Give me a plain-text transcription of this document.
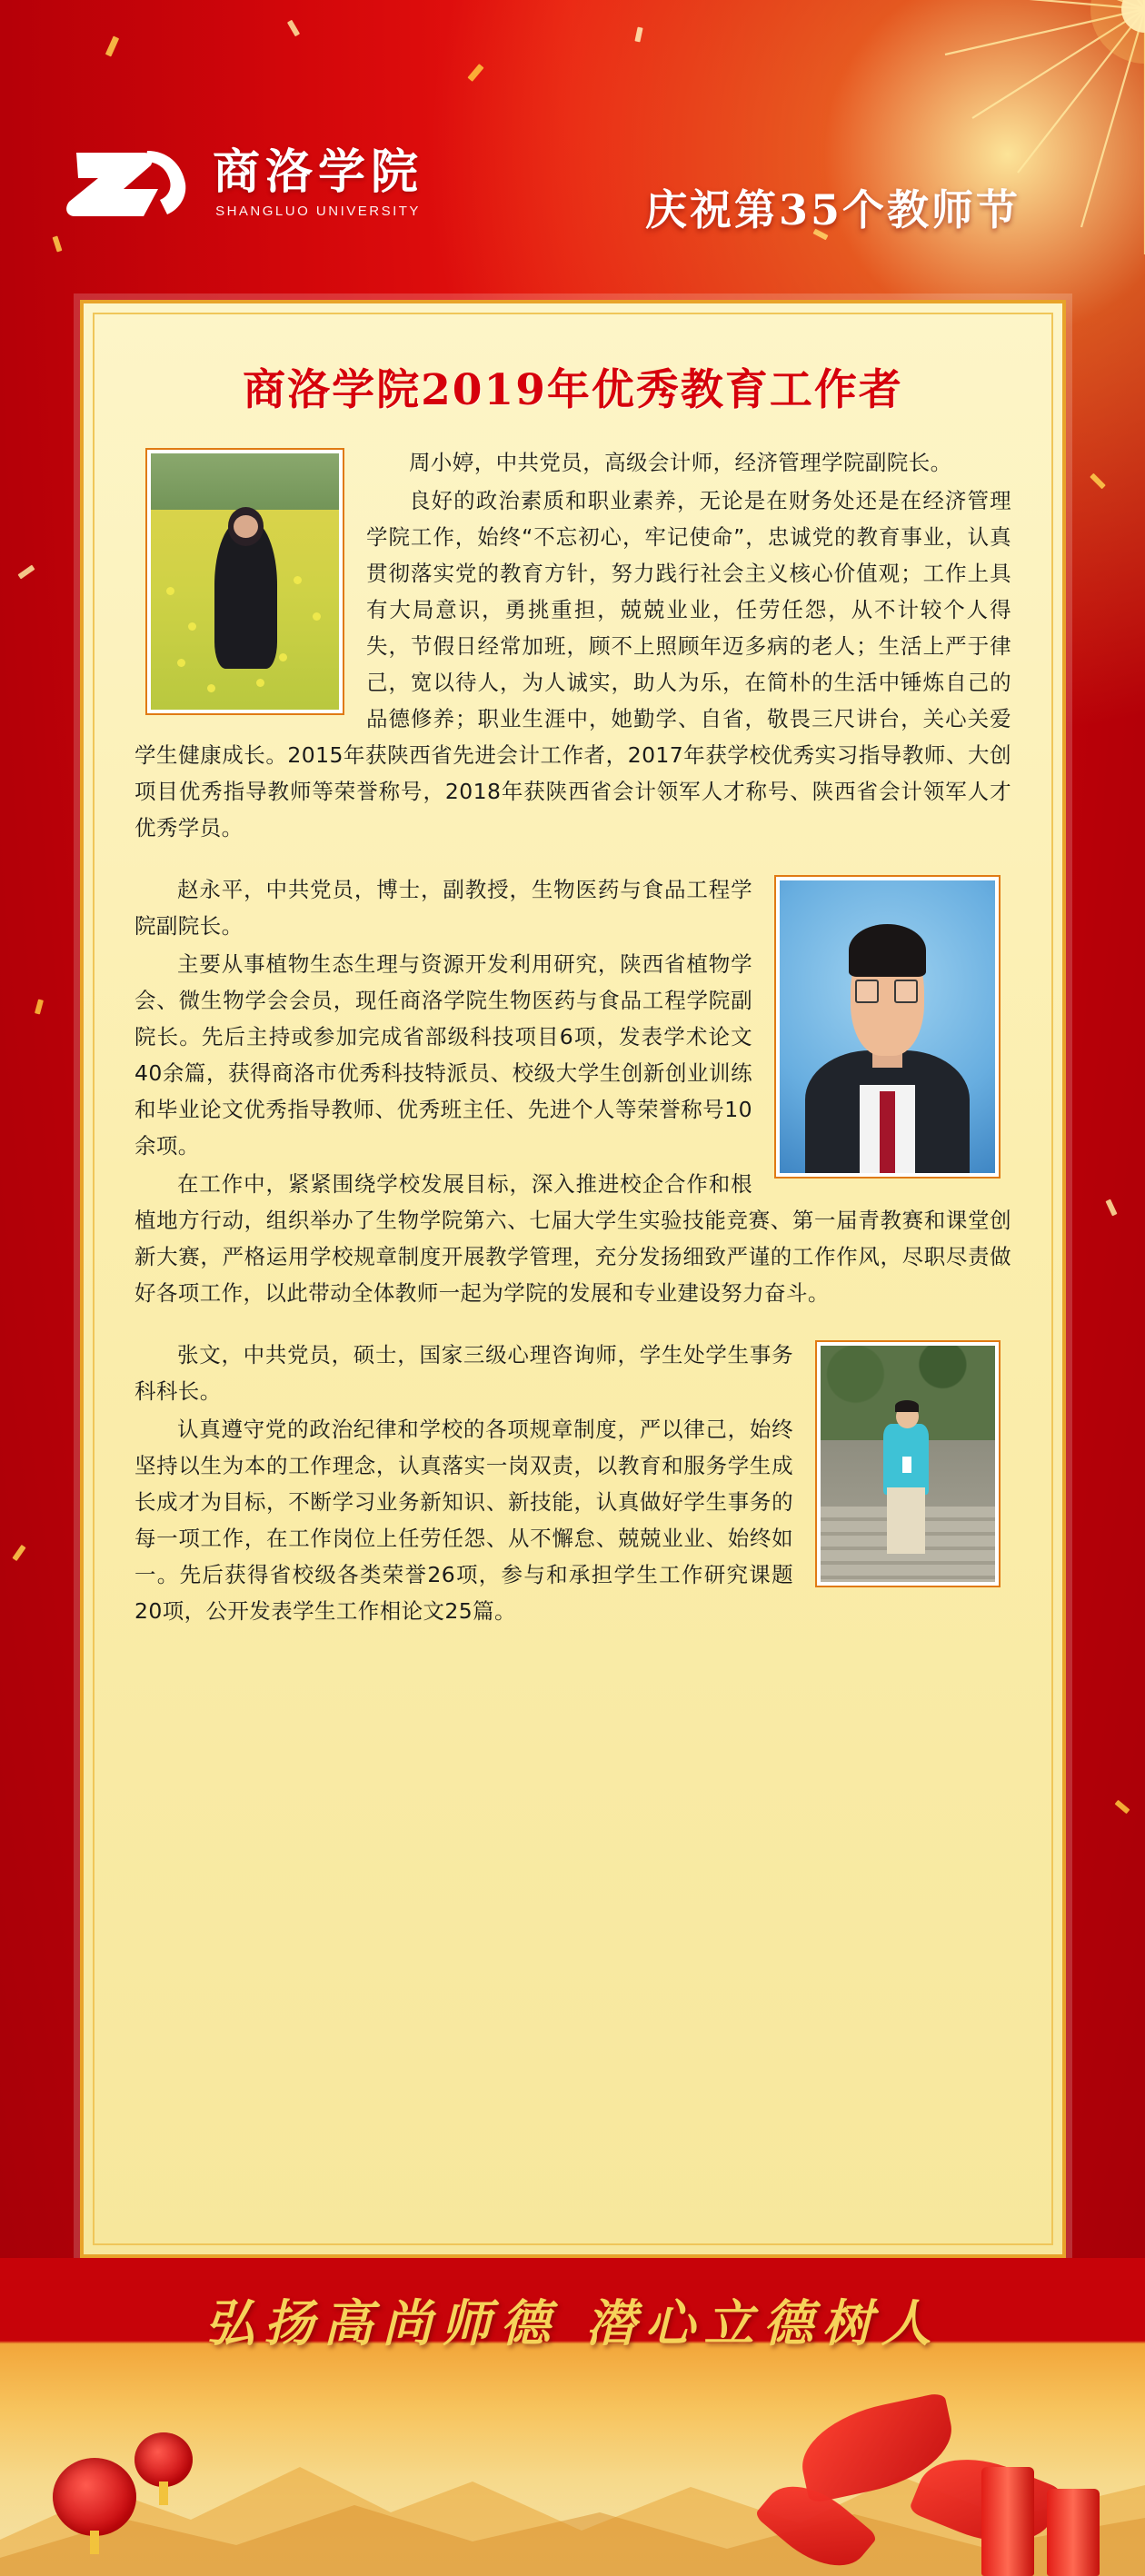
商洛学院
SHANGLUO UNIVERSITY	庆祝第35个教师节
商洛学院2019年优秀教育工作者

周小婷，中共党员，高级会计师，经济管理学院副院长。

良好的政治素质和职业素养，无论是在财务处还是在经济管理学院工作，始终“不忘初心，牢记使命”，忠诚党的教育事业，认真贯彻落实党的教育方针，努力践行社会主义核心价值观；工作上具有大局意识，勇挑重担，兢兢业业，任劳任怨，从不计较个人得失，节假日经常加班，顾不上照顾年迈多病的老人；生活上严于律己，宽以待人，为人诚实，助人为乐，在简朴的生活中锤炼自己的品德修养；职业生涯中，她勤学、自省，敬畏三尺讲台，关心关爱学生健康成长。2015年获陕西省先进会计工作者，2017年获学校优秀实习指导教师、大创项目优秀指导教师等荣誉称号，2018年获陕西省会计领军人才称号、陕西省会计领军人才优秀学员。

赵永平，中共党员，博士，副教授，生物医药与食品工程学院副院长。

主要从事植物生态生理与资源开发利用研究，陕西省植物学会、微生物学会会员，现任商洛学院生物医药与食品工程学院副院长。先后主持或参加完成省部级科技项目6项，发表学术论文40余篇，获得商洛市优秀科技特派员、校级大学生创新创业训练和毕业论文优秀指导教师、优秀班主任、先进个人等荣誉称号10余项。

在工作中，紧紧围绕学校发展目标，深入推进校企合作和根植地方行动，组织举办了生物学院第六、七届大学生实验技能竞赛、第一届青教赛和课堂创新大赛，严格运用学校规章制度开展教学管理，充分发扬细致严谨的工作作风，尽职尽责做好各项工作，以此带动全体教师一起为学院的发展和专业建设努力奋斗。

张文，中共党员，硕士，国家三级心理咨询师，学生处学生事务科科长。

认真遵守党的政治纪律和学校的各项规章制度，严以律己，始终坚持以生为本的工作理念，认真落实一岗双责，以教育和服务学生成长成才为目标，不断学习业务新知识、新技能，认真做好学生事务的每一项工作，在工作岗位上任劳任怨、从不懈怠、兢兢业业、始终如一。先后获得省校级各类荣誉26项，参与和承担学生工作研究课题20项，公开发表学生工作相论文25篇。

弘扬高尚师德 潜心立德树人
